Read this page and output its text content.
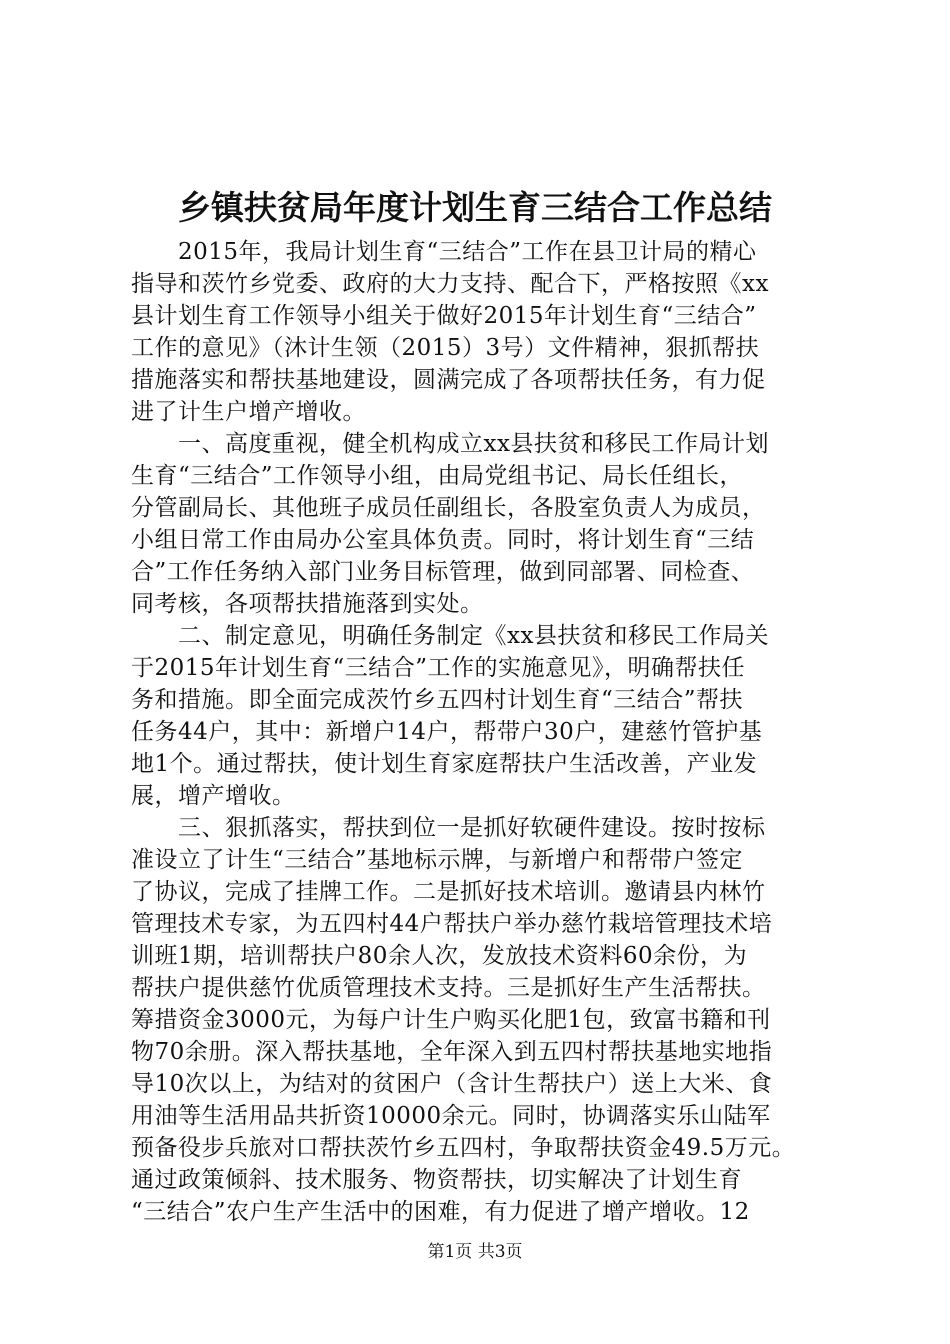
乡镇扶贫局年度计划生育三结合工作总结
　　2015年，我局计划生育“三结合”工作在县卫计局的精心
指导和茨竹乡党委、政府的大力支持、配合下，严格按照《xx
县计划生育工作领导小组关于做好2015年计划生育“三结合”
工作的意见》（沐计生领（2015）3号）文件精神，狠抓帮扶
措施落实和帮扶基地建设，圆满完成了各项帮扶任务，有力促
进了计生户增产增收。
　　一、高度重视，健全机构成立xx县扶贫和移民工作局计划
生育“三结合”工作领导小组，由局党组书记、局长任组长，
分管副局长、其他班子成员任副组长，各股室负责人为成员，
小组日常工作由局办公室具体负责。同时，将计划生育“三结
合”工作任务纳入部门业务目标管理，做到同部署、同检查、
同考核，各项帮扶措施落到实处。
　　二、制定意见，明确任务制定《xx县扶贫和移民工作局关
于2015年计划生育“三结合”工作的实施意见》，明确帮扶任
务和措施。即全面完成茨竹乡五四村计划生育“三结合”帮扶
任务44户，其中：新增户14户，帮带户30户，建慈竹管护基
地1个。通过帮扶，使计划生育家庭帮扶户生活改善，产业发
展，增产增收。
　　三、狠抓落实，帮扶到位一是抓好软硬件建设。按时按标
准设立了计生“三结合”基地标示牌，与新增户和帮带户签定
了协议，完成了挂牌工作。二是抓好技术培训。邀请县内林竹
管理技术专家，为五四村44户帮扶户举办慈竹栽培管理技术培
训班1期，培训帮扶户80余人次，发放技术资料60余份，为
帮扶户提供慈竹优质管理技术支持。三是抓好生产生活帮扶。
筹措资金3000元，为每户计生户购买化肥1包，致富书籍和刊
物70余册。深入帮扶基地，全年深入到五四村帮扶基地实地指
导10次以上，为结对的贫困户（含计生帮扶户）送上大米、食
用油等生活用品共折资10000余元。同时，协调落实乐山陆军
预备役步兵旅对口帮扶茨竹乡五四村，争取帮扶资金49.5万元。
通过政策倾斜、技术服务、物资帮扶，切实解决了计划生育
“三结合”农户生产生活中的困难，有力促进了增产增收。12
第1页 共3页
